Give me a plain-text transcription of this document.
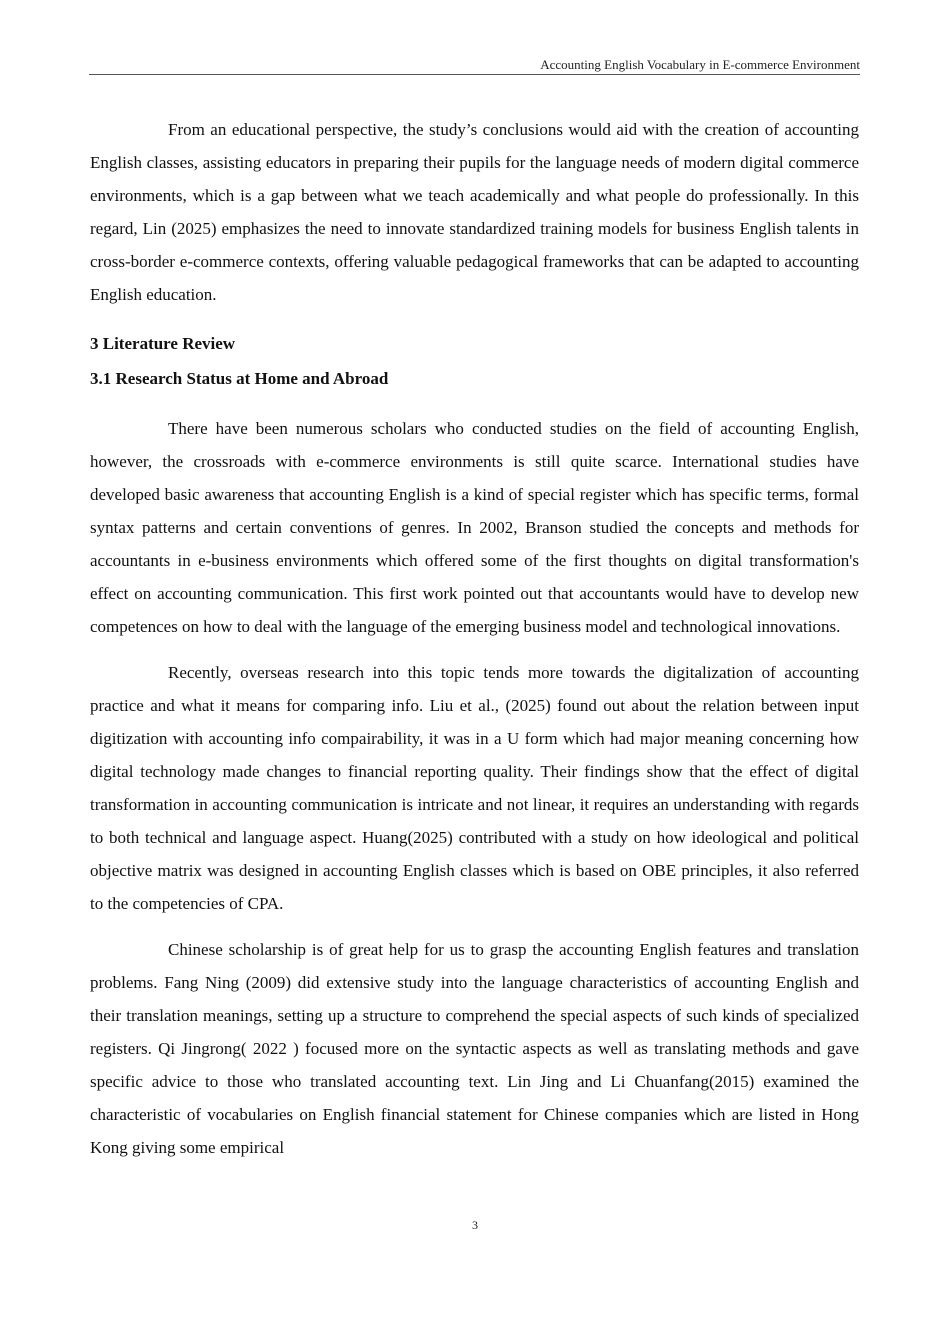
Accounting English Vocabulary in E-commerce Environment

From an educational perspective, the study’s conclusions would aid with the creation of accounting English classes, assisting educators in preparing their pupils for the language needs of modern digital commerce environments, which is a gap between what we teach academically and what people do professionally. In this regard, Lin (2025) emphasizes the need to innovate standardized training models for business English talents in cross-border e-commerce contexts, offering valuable pedagogical frameworks that can be adapted to accounting English education.

3 Literature Review

3.1 Research Status at Home and Abroad

There have been numerous scholars who conducted studies on the field of accounting English, however, the crossroads with e-commerce environments is still quite scarce. International studies have developed basic awareness that accounting English is a kind of special register which has specific terms, formal syntax patterns and certain conventions of genres. In 2002, Branson studied the concepts and methods for accountants in e-business environments which offered some of the first thoughts on digital transformation's effect on accounting communication. This first work pointed out that accountants would have to develop new competences on how to deal with the language of the emerging business model and technological innovations.

Recently, overseas research into this topic tends more towards the digitalization of accounting practice and what it means for comparing info. Liu et al., (2025) found out about the relation between input digitization with accounting info compairability, it was in a U form which had major meaning concerning how digital technology made changes to financial reporting quality. Their findings show that the effect of digital transformation in accounting communication is intricate and not linear, it requires an understanding with regards to both technical and language aspect. Huang(2025) contributed with a study on how ideological and political objective matrix was designed in accounting English classes which is based on OBE principles, it also referred to the competencies of CPA.

Chinese scholarship is of great help for us to grasp the accounting English features and translation problems. Fang Ning (2009) did extensive study into the language characteristics of accounting English and their translation meanings, setting up a structure to comprehend the special aspects of such kinds of specialized registers. Qi Jingrong( 2022 ) focused more on the syntactic aspects as well as translating methods and gave specific advice to those who translated accounting text. Lin Jing and Li Chuanfang(2015) examined the characteristic of vocabularies on English financial statement for Chinese companies which are listed in Hong Kong giving some empirical

3
